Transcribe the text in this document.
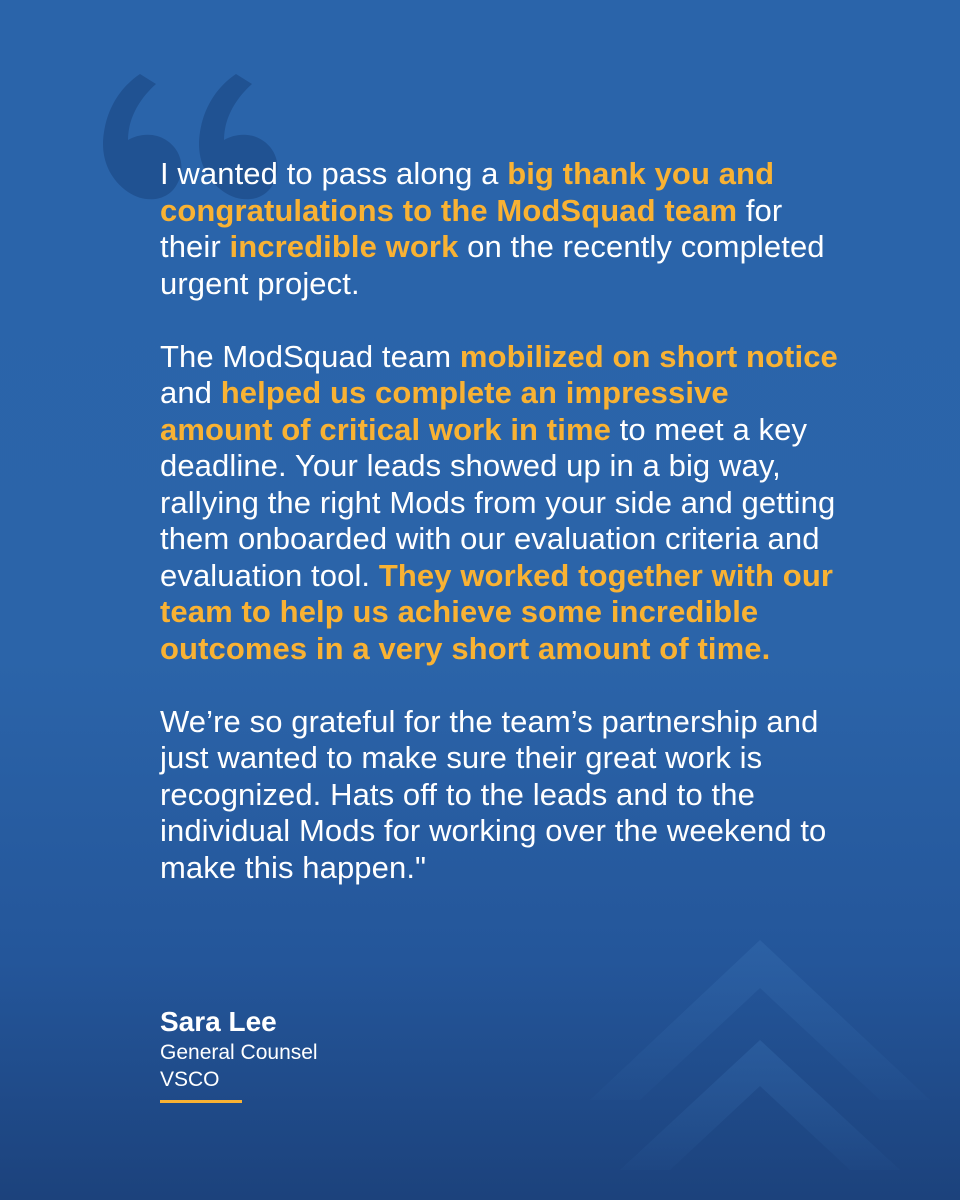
I wanted to pass along a big thank you and congratulations to the ModSquad team for their incredible work on the recently completed urgent project.

The ModSquad team mobilized on short notice and helped us complete an impressive amount of critical work in time to meet a key deadline. Your leads showed up in a big way, rallying the right Mods from your side and getting them onboarded with our evaluation criteria and evaluation tool. They worked together with our team to help us achieve some incredible outcomes in a very short amount of time.

We’re so grateful for the team’s partnership and just wanted to make sure their great work is recognized. Hats off to the leads and to the individual Mods for working over the weekend to make this happen."

Sara Lee
General Counsel
VSCO
